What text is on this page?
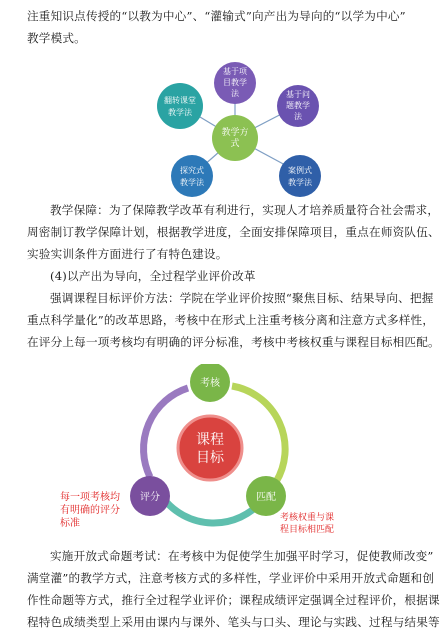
注重知识点传授的“以教为中心”、“灌输式”向产出为导向的“以学为中心”
教学模式。
教学方
式
基于项
目教学
法	基于问
题教学
法
案例式
教学法
探究式
教学法
翻转课堂
教学法
教学保障：为了保障教学改革有利进行，实现人才培养质量符合社会需求，
周密制订教学保障计划，根据教学进度，全面安排保障项目，重点在师资队伍、
实验实训条件方面进行了有特色建设。
(4)以产出为导向，全过程学业评价改革
强调课程目标评价方法：学院在学业评价按照“聚焦目标、结果导向、把握
重点科学量化”的改革思路，考核中在形式上注重考核分离和注意方式多样性，
在评分上每一项考核均有明确的评分标准，考核中考核权重与课程目标相匹配。
课程
目标
考核
匹配
评分
每一项考核均
有明确的评分
标准	考核权重与课
程目标相匹配
实施开放式命题考试：在考核中为促使学生加强平时学习，促使教师改变”
满堂灌”的教学方式，注意考核方式的多样性，学业评价中采用开放式命题和创
作性命题等方式，推行全过程学业评价；课程成绩评定强调全过程评价，根据课
程特色成绩类型上采用由课内与课外、笔头与口头、理论与实践、过程与结果等
